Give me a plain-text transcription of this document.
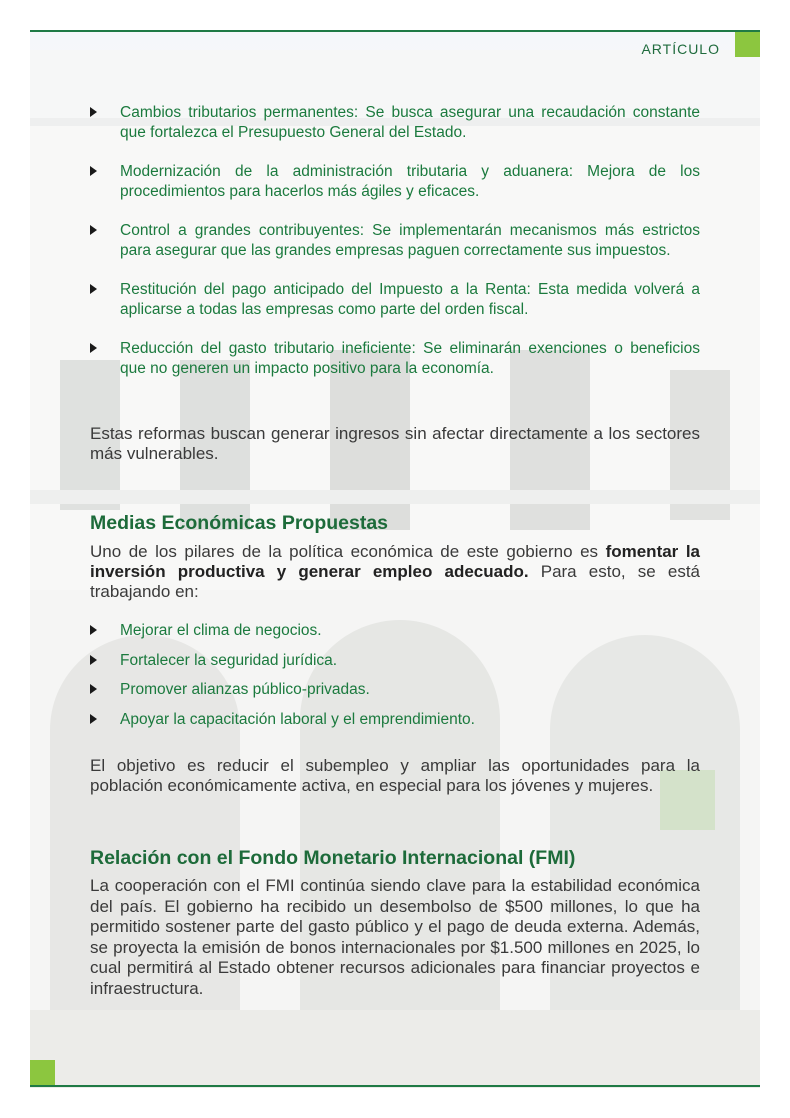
ARTÍCULO
Cambios tributarios permanentes: Se busca asegurar una recaudación constante que fortalezca el Presupuesto General del Estado.
Modernización de la administración tributaria y aduanera: Mejora de los procedimientos para hacerlos más ágiles y eficaces.
Control a grandes contribuyentes: Se implementarán mecanismos más estrictos para asegurar que las grandes empresas paguen correctamente sus impuestos.
Restitución del pago anticipado del Impuesto a la Renta: Esta medida volverá a aplicarse a todas las empresas como parte del orden fiscal.
Reducción del gasto tributario ineficiente: Se eliminarán exenciones o beneficios que no generen un impacto positivo para la economía.

Estas reformas buscan generar ingresos sin afectar directamente a los sectores más vulnerables.

Medias Económicas Propuestas

Uno de los pilares de la política económica de este gobierno es fomentar la inversión productiva y generar empleo adecuado. Para esto, se está trabajando en:

Mejorar el clima de negocios.
Fortalecer la seguridad jurídica.
Promover alianzas público-privadas.
Apoyar la capacitación laboral y el emprendimiento.

El objetivo es reducir el subempleo y ampliar las oportunidades para la población económicamente activa, en especial para los jóvenes y mujeres.

Relación con el Fondo Monetario Internacional (FMI)

La cooperación con el FMI continúa siendo clave para la estabilidad económica del país. El gobierno ha recibido un desembolso de $500 millones, lo que ha permitido sostener parte del gasto público y el pago de deuda externa. Además, se proyecta la emisión de bonos internacionales por $1.500 millones en 2025, lo cual permitirá al Estado obtener recursos adicionales para financiar proyectos e infraestructura.
